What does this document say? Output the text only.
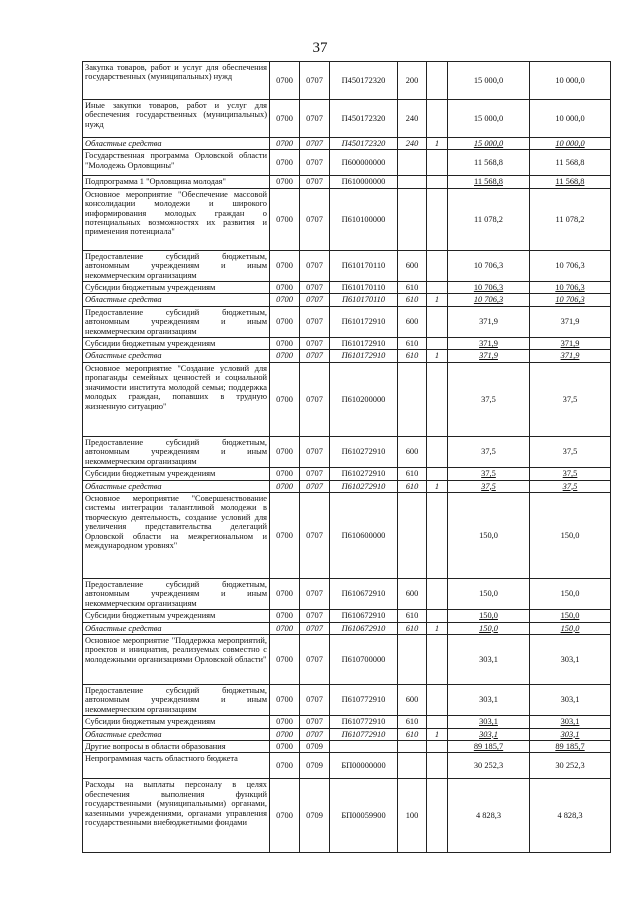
37
Закупка товаров, работ и услуг для обеспечения государственных (муниципальных) нужд	0700	0707	П450172320	200		15 000,0	10 000,0
Иные закупки товаров, работ и услуг для обеспечения государственных (муниципальных) нужд	0700	0707	П450172320	240		15 000,0	10 000,0
Областные средства	0700	0707	П450172320	240	1	15 000,0	10 000,0
Государственная программа Орловской области "Молодежь Орловщины"	0700	0707	П600000000			11 568,8	11 568,8
Подпрограмма 1 "Орловщина молодая"	0700	0707	П610000000			11 568,8	11 568,8
Основное мероприятие "Обеспечение массовой консолидации молодежи и широкого информирования молодых граждан о потенциальных возможностях их развития и применения потенциала"	0700	0707	П610100000			11 078,2	11 078,2
Предоставление субсидий бюджетным, автономным учреждениям и иным некоммерческим организациям	0700	0707	П610170110	600		10 706,3	10 706,3
Субсидии бюджетным учреждениям	0700	0707	П610170110	610		10 706,3	10 706,3
Областные средства	0700	0707	П610170110	610	1	10 706,3	10 706,3
Предоставление субсидий бюджетным, автономным учреждениям и иным некоммерческим организациям	0700	0707	П610172910	600		371,9	371,9
Субсидии бюджетным учреждениям	0700	0707	П610172910	610		371,9	371,9
Областные средства	0700	0707	П610172910	610	1	371,9	371,9
Основное мероприятие "Создание условий для пропаганды семейных ценностей и социальной значимости института молодой семьи; поддержка молодых граждан, попавших в трудную жизненную ситуацию"	0700	0707	П610200000			37,5	37,5
Предоставление субсидий бюджетным, автономным учреждениям и иным некоммерческим организациям	0700	0707	П610272910	600		37,5	37,5
Субсидии бюджетным учреждениям	0700	0707	П610272910	610		37,5	37,5
Областные средства	0700	0707	П610272910	610	1	37,5	37,5
Основное мероприятие "Совершенствование системы интеграции талантливой молодежи в творческую деятельность, создание условий для увеличения представительства делегаций Орловской области на межрегиональном и международном уровнях"	0700	0707	П610600000			150,0	150,0
Предоставление субсидий бюджетным, автономным учреждениям и иным некоммерческим организациям	0700	0707	П610672910	600		150,0	150,0
Субсидии бюджетным учреждениям	0700	0707	П610672910	610		150,0	150,0
Областные средства	0700	0707	П610672910	610	1	150,0	150,0
Основное мероприятие "Поддержка мероприятий, проектов и инициатив, реализуемых совместно с молодежными организациями Орловской области"	0700	0707	П610700000			303,1	303,1
Предоставление субсидий бюджетным, автономным учреждениям и иным некоммерческим организациям	0700	0707	П610772910	600		303,1	303,1
Субсидии бюджетным учреждениям	0700	0707	П610772910	610		303,1	303,1
Областные средства	0700	0707	П610772910	610	1	303,1	303,1
Другие вопросы в области образования	0700	0709				89 185,7	89 185,7
Непрограммная часть областного бюджета	0700	0709	БП00000000			30 252,3	30 252,3
Расходы на выплаты персоналу в целях обеспечения выполнения функций государственными (муниципальными) органами, казенными учреждениями, органами управления государственными внебюджетными фондами	0700	0709	БП00059900	100		4 828,3	4 828,3
